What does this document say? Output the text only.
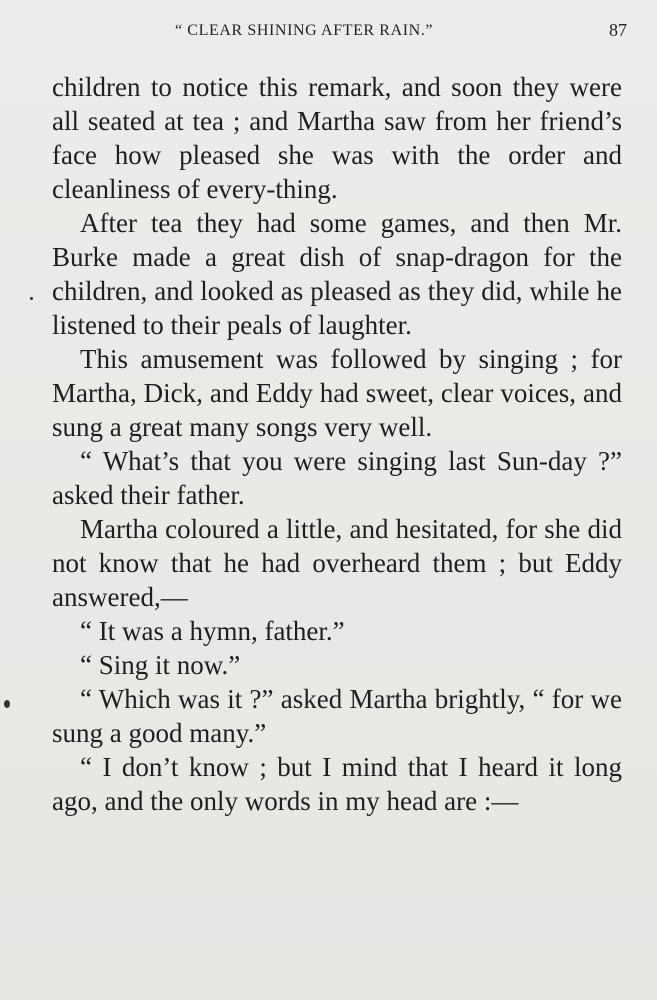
“ CLEAR SHINING AFTER RAIN.”	87

children to notice this remark, and soon they were all seated at tea ; and Martha saw from her friend’s face how pleased she was with the order and cleanliness of every-thing.

After tea they had some games, and then Mr. Burke made a great dish of snap-dragon for the children, and looked as pleased as they did, while he listened to their peals of laughter.

This amusement was followed by singing ; for Martha, Dick, and Eddy had sweet, clear voices, and sung a great many songs very well.

“ What’s that you were singing last Sun-day ?” asked their father.

Martha coloured a little, and hesitated, for she did not know that he had overheard them ; but Eddy answered,—

“ It was a hymn, father.”

“ Sing it now.”

“ Which was it ?” asked Martha brightly, “ for we sung a good many.”

“ I don’t know ; but I mind that I heard it long ago, and the only words in my head are :—
